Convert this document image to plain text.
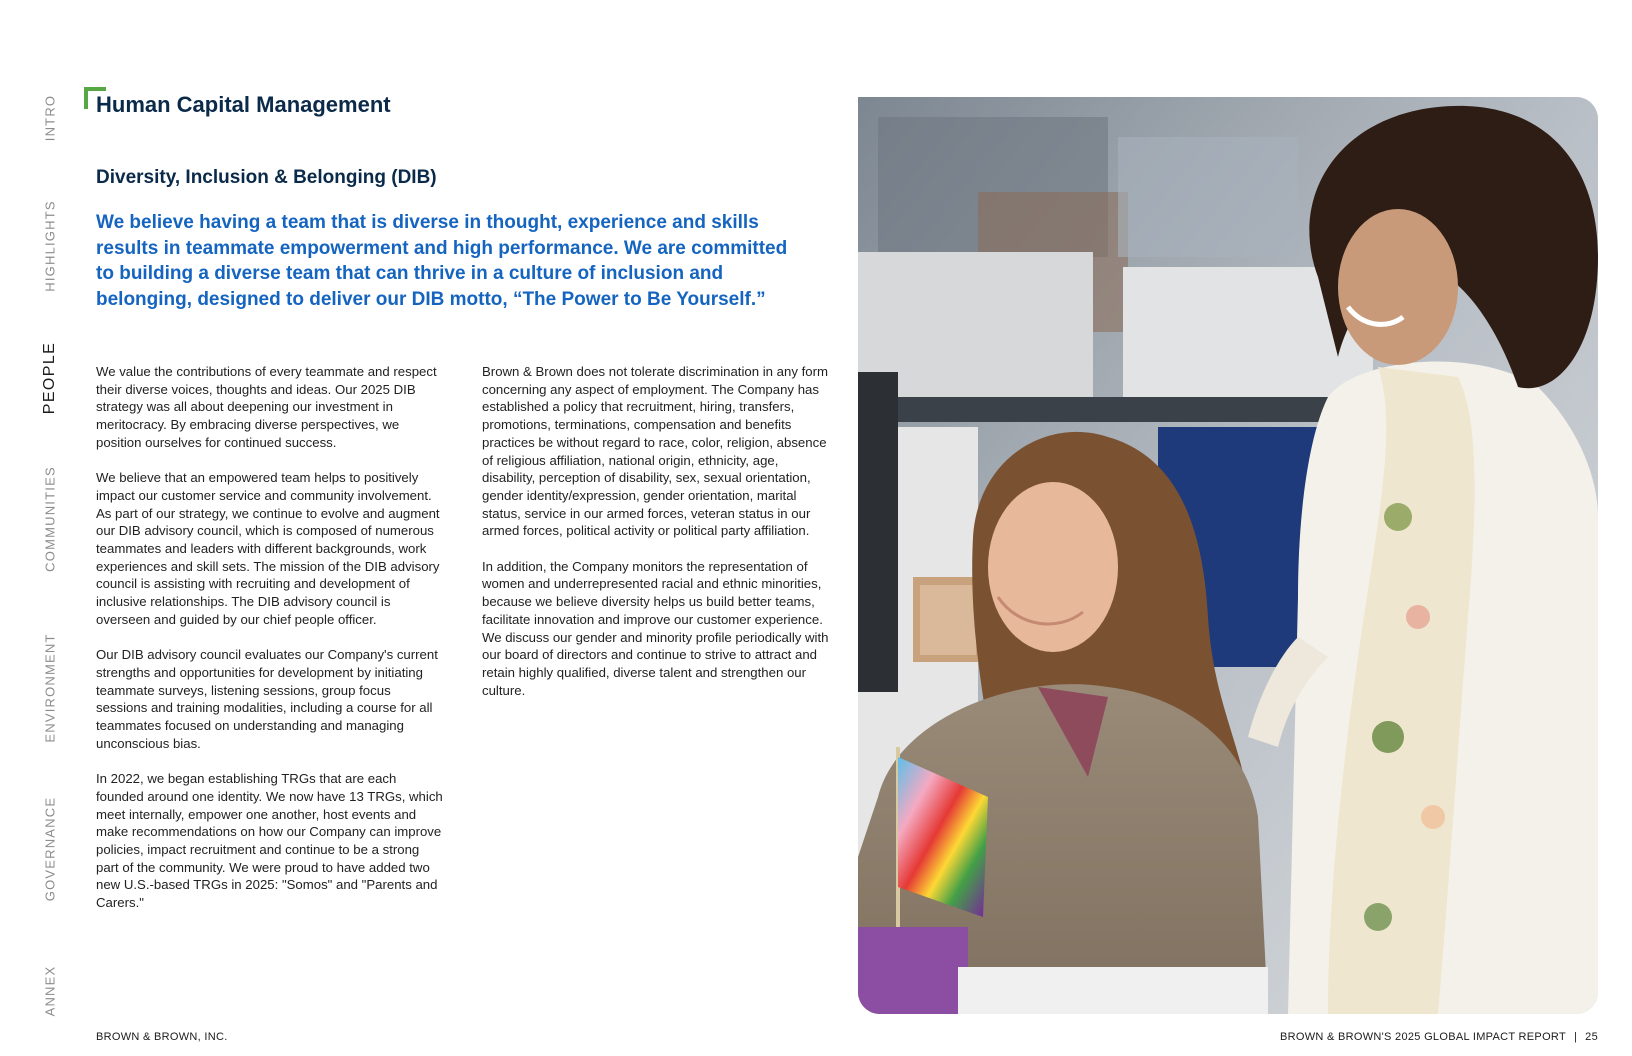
INTRO
HIGHLIGHTS
PEOPLE
COMMUNITIES
ENVIRONMENT
GOVERNANCE
ANNEX
Human Capital Management
Diversity, Inclusion & Belonging (DIB)

We believe having a team that is diverse in thought, experience and skills results in teammate empowerment and high performance. We are committed to building a diverse team that can thrive in a culture of inclusion and belonging, designed to deliver our DIB motto, “The Power to Be Yourself.”

We value the contributions of every teammate and respect their diverse voices, thoughts and ideas. Our 2025 DIB strategy was all about deepening our investment in meritocracy. By embracing diverse perspectives, we position ourselves for continued success.

We believe that an empowered team helps to positively impact our customer service and community involvement. As part of our strategy, we continue to evolve and augment our DIB advisory council, which is composed of numerous teammates and leaders with different backgrounds, work experiences and skill sets. The mission of the DIB advisory council is assisting with recruiting and development of inclusive relationships. The DIB advisory council is overseen and guided by our chief people officer.

Our DIB advisory council evaluates our Company's current strengths and opportunities for development by initiating teammate surveys, listening sessions, group focus sessions and training modalities, including a course for all teammates focused on understanding and managing unconscious bias.

In 2022, we began establishing TRGs that are each founded around one identity. We now have 13 TRGs, which meet internally, empower one another, host events and make recommendations on how our Company can improve policies, impact recruitment and continue to be a strong part of the community. We were proud to have added two new U.S.-based TRGs in 2025: "Somos" and "Parents and Carers."

Brown & Brown does not tolerate discrimination in any form concerning any aspect of employment. The Company has established a policy that recruitment, hiring, transfers, promotions, terminations, compensation and benefits practices be without regard to race, color, religion, absence of religious affiliation, national origin, ethnicity, age, disability, perception of disability, sex, sexual orientation, gender identity/expression, gender orientation, marital status, service in our armed forces, veteran status in our armed forces, political activity or political party affiliation.

In addition, the Company monitors the representation of women and underrepresented racial and ethnic minorities, because we believe diversity helps us build better teams, facilitate innovation and improve our customer experience. We discuss our gender and minority profile periodically with our board of directors and continue to strive to attract and retain highly qualified, diverse talent and strengthen our culture.

BROWN & BROWN, INC.	BROWN & BROWN'S 2025 GLOBAL IMPACT REPORT | 25
